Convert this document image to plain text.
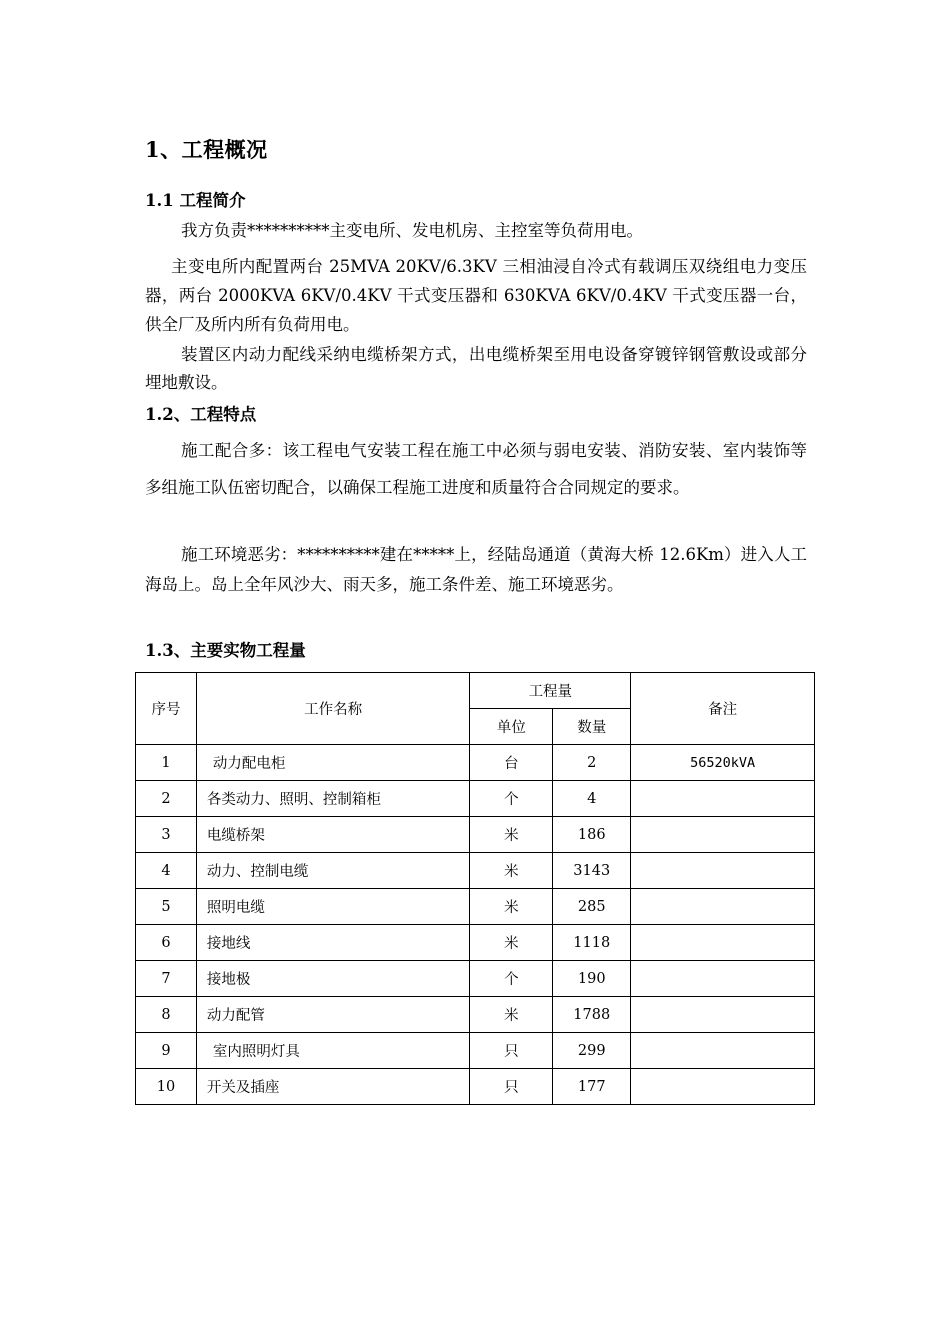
1、工程概况
1.1 工程简介
我方负责**********主变电所、发电机房、主控室等负荷用电。
主变电所内配置两台 25MVA 20KV/6.3KV 三相油浸自冷式有载调压双绕组电力变压器，两台 2000KVA 6KV/0.4KV 干式变压器和 630KVA 6KV/0.4KV 干式变压器一台，供全厂及所内所有负荷用电。
装置区内动力配线采纳电缆桥架方式，出电缆桥架至用电设备穿镀锌钢管敷设或部分埋地敷设。
1.2、工程特点
施工配合多：该工程电气安装工程在施工中必须与弱电安装、消防安装、室内装饰等多组施工队伍密切配合，以确保工程施工进度和质量符合合同规定的要求。
施工环境恶劣：**********建在*****上，经陆岛通道（黄海大桥 12.6Km）进入人工海岛上。岛上全年风沙大、雨天多，施工条件差、施工环境恶劣。
1.3、主要实物工程量
序号	工作名称	工程量		备注
		单位	数量	
1	动力配电柜	台	2	56520kVA
2	各类动力、照明、控制箱柜	个	4	
3	电缆桥架	米	186	
4	动力、控制电缆	米	3143	
5	照明电缆	米	285	
6	接地线	米	1118	
7	接地极	个	190	
8	动力配管	米	1788	
9	室内照明灯具	只	299	
10	开关及插座	只	177	
